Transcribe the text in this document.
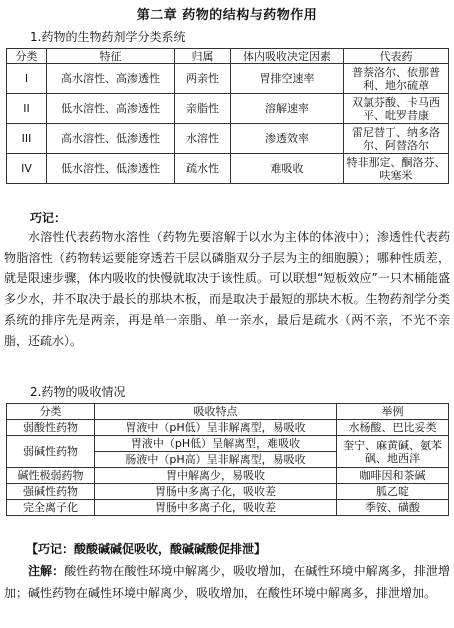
第二章 药物的结构与药物作用
1.药物的生物药剂学分类系统
分类	特征	归属	体内吸收决定因素	代表药
I	高水溶性、高渗透性	两亲性	胃排空速率	普萘洛尔、依那普利、地尔硫䓬
II	低水溶性、高渗透性	亲脂性	溶解速率	双氯芬酸、卡马西平、吡罗昔康
III	高水溶性、低渗透性	水溶性	渗透效率	雷尼替丁、纳多洛尔、阿替洛尔
IV	低水溶性、低渗透性	疏水性	难吸收	特非那定、酮洛芬、呋塞米
巧记：
水溶性代表药物水溶性（药物先要溶解于以水为主体的体液中）；渗透性代表药物脂溶性（药物转运要能穿透若干层以磷脂双分子层为主的细胞膜）；哪种性质差，就是限速步骤，体内吸收的快慢就取决于该性质。可以联想“短板效应”一只木桶能盛多少水，并不取决于最长的那块木板，而是取决于最短的那块木板。生物药剂学分类系统的排序先是两亲，再是单一亲脂、单一亲水，最后是疏水（两不亲，不光不亲脂，还疏水）。
2.药物的吸收情况
分类	吸收特点	举例
弱酸性药物	胃液中（pH低）呈非解离型，易吸收	水杨酸、巴比妥类
弱碱性药物	胃液中（pH低）呈解离型，难吸收	奎宁、麻黄碱、氨苯砜、地西泮
	肠液中（pH高）呈非解离型，易吸收	
碱性极弱药物	胃中解离少，易吸收	咖啡因和茶碱
强碱性药物	胃肠中多离子化，吸收差	胍乙啶
完全离子化	胃肠中多离子化，吸收差	季铵、磺酸
【巧记：酸酸碱碱促吸收，酸碱碱酸促排泄】
注解：酸性药物在酸性环境中解离少，吸收增加，在碱性环境中解离多，排泄增加；碱性药物在碱性环境中解离少，吸收增加，在酸性环境中解离多，排泄增加。
